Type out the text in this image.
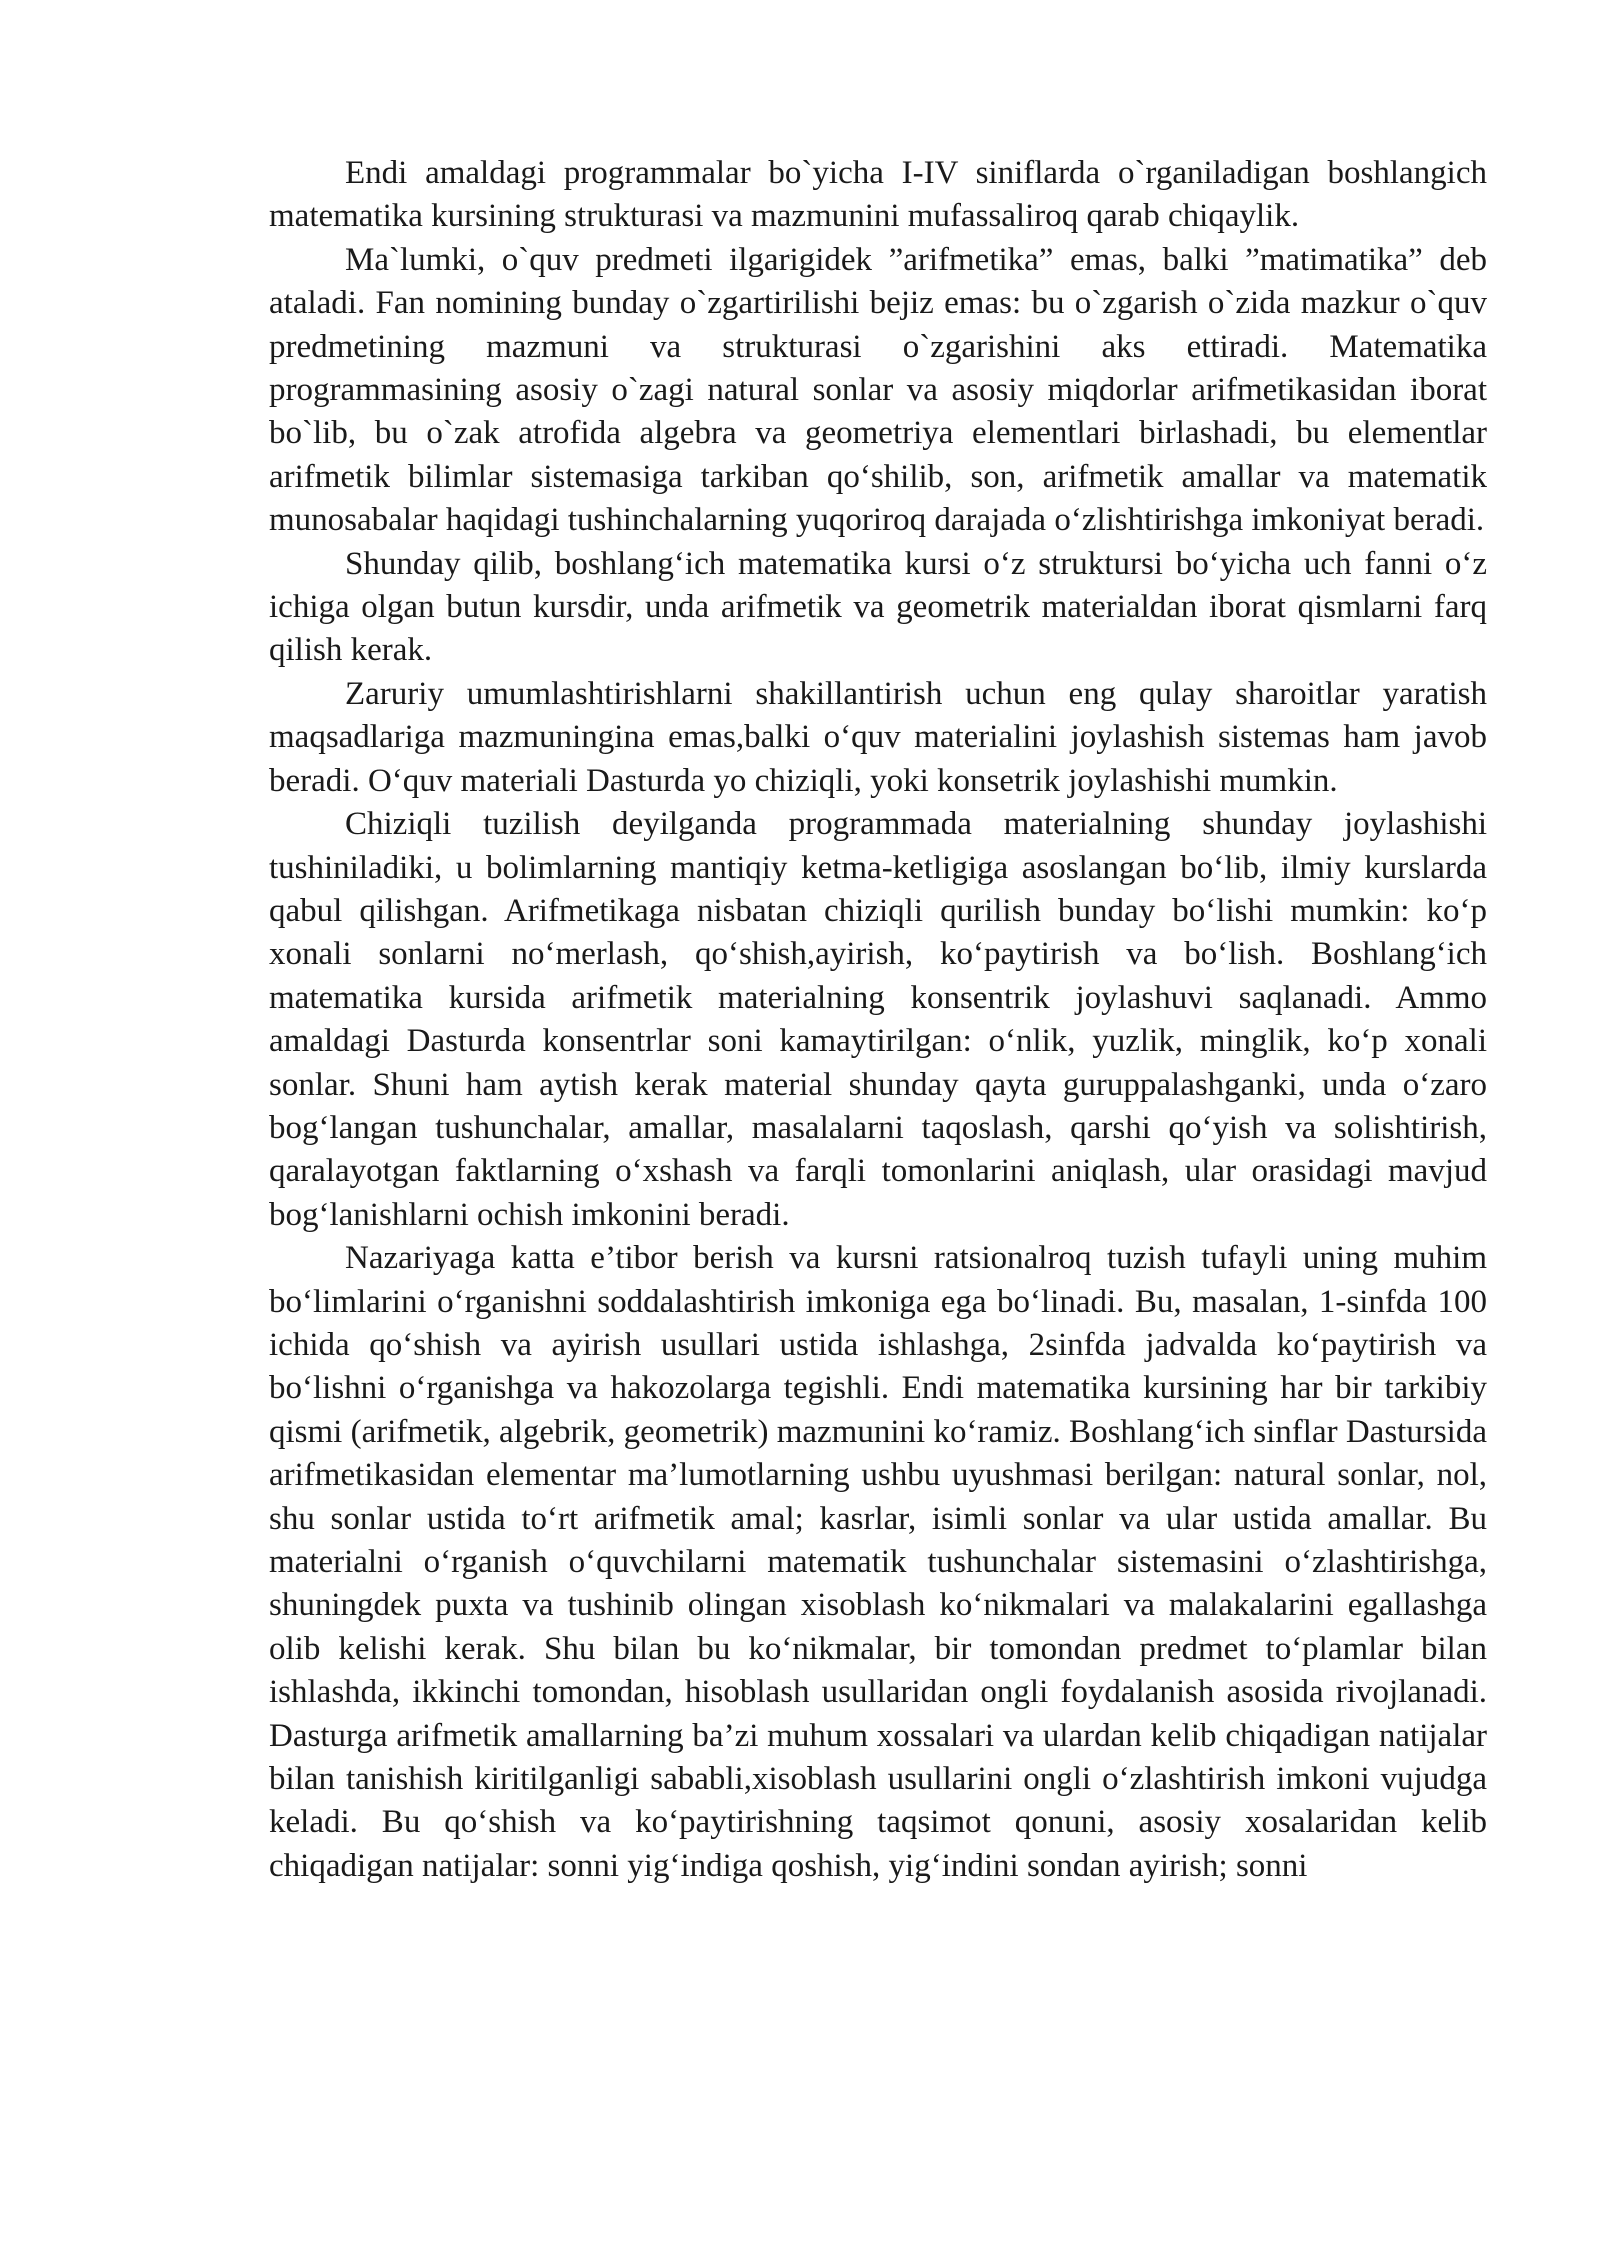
Endi amaldagi programmalar bo`yicha I-IV siniflarda o`rganiladigan boshlangich matematika kursining strukturasi va mazmunini mufassaliroq qarab chiqaylik.

Ma`lumki, o`quv predmeti ilgarigidek ”arifmetika” emas, balki ”matimatika” deb ataladi. Fan nomining bunday o`zgartirilishi bejiz emas: bu o`zgarish o`zida mazkur o`quv predmetining mazmuni va strukturasi o`zgarishini aks ettiradi. Matematika programmasining asosiy o`zagi natural sonlar va asosiy miqdorlar arifmetikasidan iborat bo`lib, bu o`zak atrofida algebra va geometriya elementlari birlashadi, bu elementlar arifmetik bilimlar sistemasiga tarkiban qo‘shilib, son, arifmetik amallar va matematik munosabalar haqidagi tushinchalarning yuqoriroq darajada o‘zlishtirishga imkoniyat beradi.

Shunday qilib, boshlang‘ich matematika kursi o‘z struktursi bo‘yicha uch fanni o‘z ichiga olgan butun kursdir, unda arifmetik va geometrik materialdan iborat qismlarni farq qilish kerak.

Zaruriy umumlashtirishlarni shakillantirish uchun eng qulay sharoitlar yaratish maqsadlariga mazmuningina emas,balki o‘quv materialini joylashish sistemas ham javob beradi. O‘quv materiali Dasturda yo chiziqli, yoki konsetrik joylashishi mumkin.

Chiziqli tuzilish deyilganda programmada materialning shunday joylashishi tushiniladiki, u bolimlarning mantiqiy ketma-ketligiga asoslangan bo‘lib, ilmiy kurslarda qabul qilishgan. Arifmetikaga nisbatan chiziqli qurilish bunday bo‘lishi mumkin: ko‘p xonali sonlarni no‘merlash, qo‘shish,ayirish, ko‘paytirish va bo‘lish. Boshlang‘ich matematika kursida arifmetik materialning konsentrik joylashuvi saqlanadi. Ammo amaldagi Dasturda konsentrlar soni kamaytirilgan: o‘nlik, yuzlik, minglik, ko‘p xonali sonlar. Shuni ham aytish kerak material shunday qayta guruppalashganki, unda o‘zaro bog‘langan tushunchalar, amallar, masalalarni taqoslash, qarshi qo‘yish va solishtirish, qaralayotgan faktlarning o‘xshash va farqli tomonlarini aniqlash, ular orasidagi mavjud bog‘lanishlarni ochish imkonini beradi.

Nazariyaga katta e’tibor berish va kursni ratsionalroq tuzish tufayli uning muhim bo‘limlarini o‘rganishni soddalashtirish imkoniga ega bo‘linadi. Bu, masalan, 1-sinfda 100 ichida qo‘shish va ayirish usullari ustida ishlashga, 2sinfda jadvalda ko‘paytirish va bo‘lishni o‘rganishga va hakozolarga tegishli. Endi matematika kursining har bir tarkibiy qismi (arifmetik, algebrik, geometrik) mazmunini ko‘ramiz. Boshlang‘ich sinflar Dastursida arifmetikasidan elementar ma’lumotlarning ushbu uyushmasi berilgan: natural sonlar, nol, shu sonlar ustida to‘rt arifmetik amal; kasrlar, isimli sonlar va ular ustida amallar. Bu materialni o‘rganish o‘quvchilarni matematik tushunchalar sistemasini o‘zlashtirishga, shuningdek puxta va tushinib olingan xisoblash ko‘nikmalari va malakalarini egallashga olib kelishi kerak. Shu bilan bu ko‘nikmalar, bir tomondan predmet to‘plamlar bilan ishlashda, ikkinchi tomondan, hisoblash usullaridan ongli foydalanish asosida rivojlanadi. Dasturga arifmetik amallarning ba’zi muhum xossalari va ulardan kelib chiqadigan natijalar bilan tanishish kiritilganligi sababli,xisoblash usullarini ongli o‘zlashtirish imkoni vujudga keladi. Bu qo‘shish va ko‘paytirishning taqsimot qonuni, asosiy xosalaridan kelib chiqadigan natijalar: sonni yig‘indiga qoshish, yig‘indini sondan ayirish; sonni
